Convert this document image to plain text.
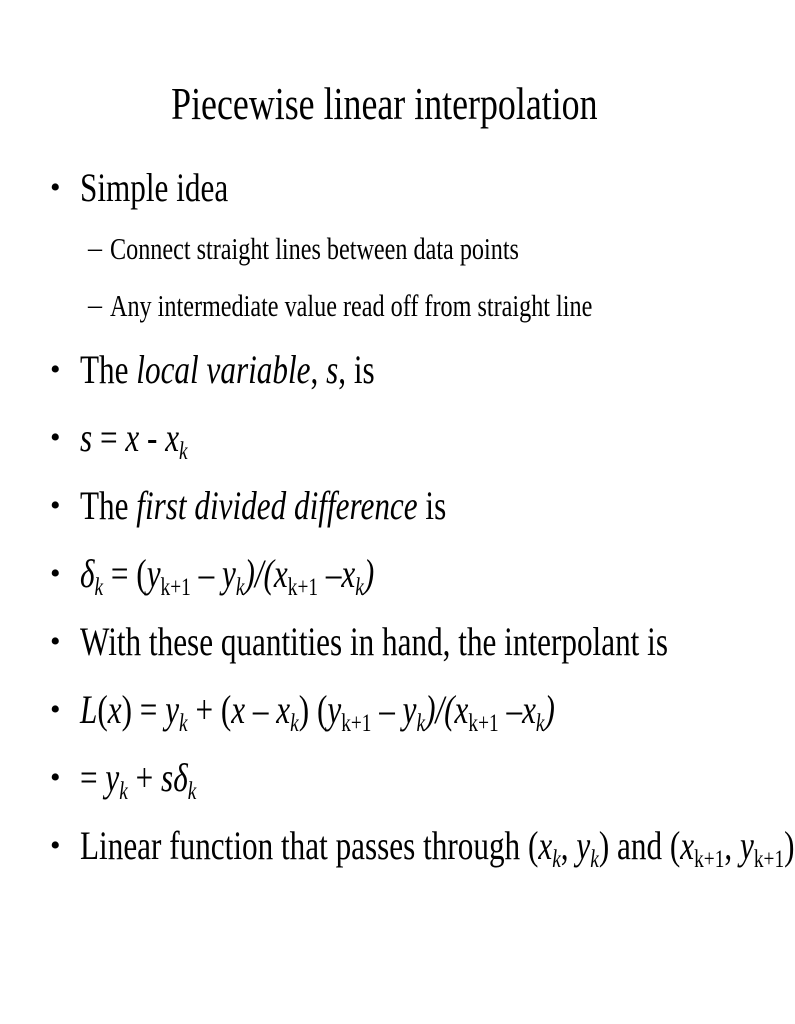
Piecewise linear interpolation
• Simple idea
– Connect straight lines between data points
– Any intermediate value read off from straight line
• The local variable, s, is
• $s = x - x_k$
• The first divided difference is
• $\delta_k = (y_{k+1} - y_k)/(x_{k+1}$ $-x_k$)
• With these quantities in hand, the interpolant is
• $L(x) = y_k + (x - x_k)$ $(y_{k+1} - y_k)/(x_{k+1}$ $-x_k$)
• = $y_k + s\delta_k$
• Linear function that passes through ($x_k$, $y_k$) and ($x_{k+1}$, $y_{k+1}$)
